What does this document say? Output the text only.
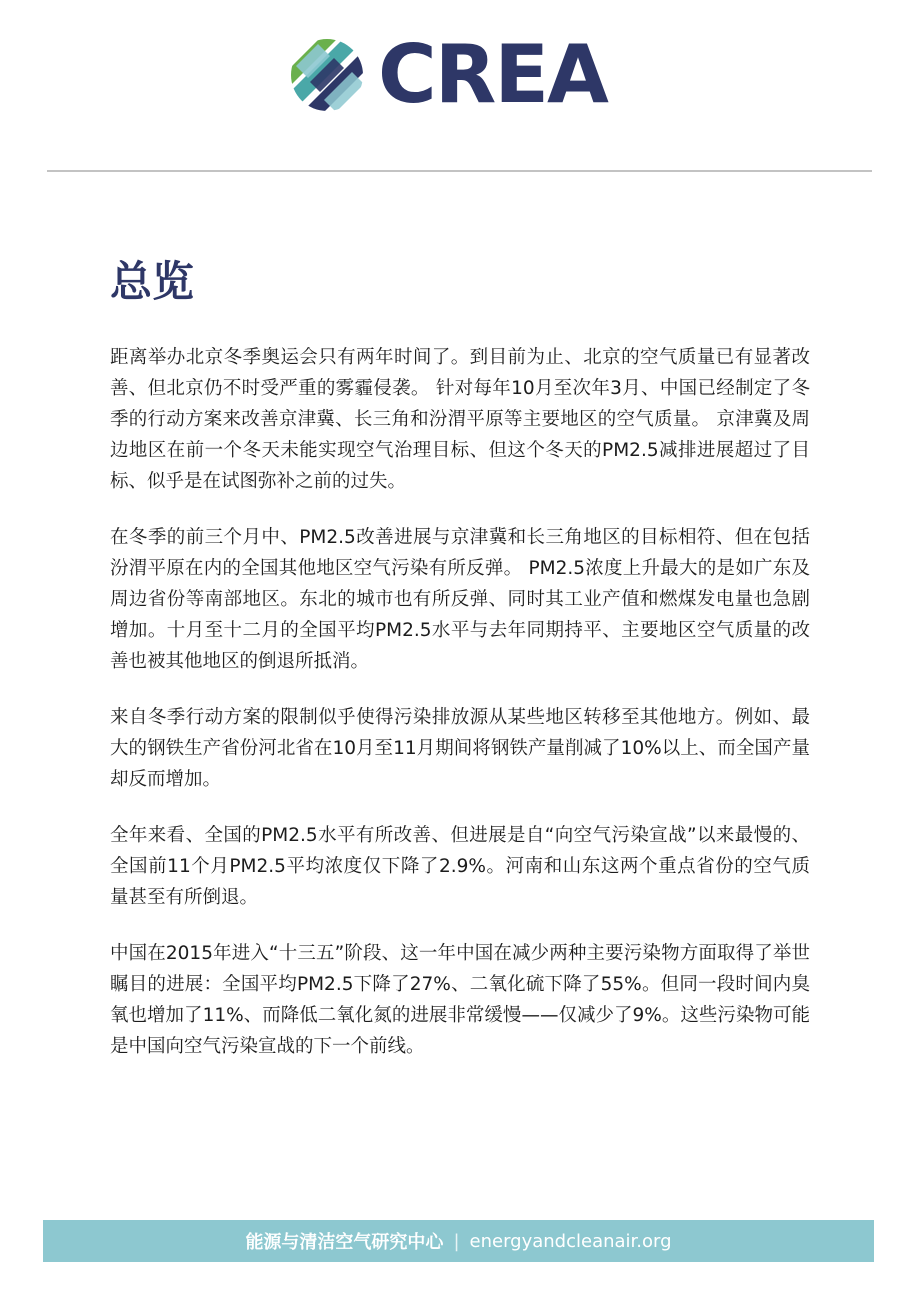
CREA
总览

距离举办北京冬季奥运会只有两年时间了。到目前为止、北京的空气质量已有显著改善、但北京仍不时受严重的雾霾侵袭。 针对每年10月至次年3月、中国已经制定了冬季的行动方案来改善京津冀、长三角和汾渭平原等主要地区的空气质量。 京津冀及周边地区在前一个冬天未能实现空气治理目标、但这个冬天的PM2.5减排进展超过了目标、似乎是在试图弥补之前的过失。

在冬季的前三个月中、PM2.5改善进展与京津冀和长三角地区的目标相符、但在包括汾渭平原在内的全国其他地区空气污染有所反弹。 PM2.5浓度上升最大的是如广东及周边省份等南部地区。东北的城市也有所反弹、同时其工业产值和燃煤发电量也急剧增加。十月至十二月的全国平均PM2.5水平与去年同期持平、主要地区空气质量的改善也被其他地区的倒退所抵消。

来自冬季行动方案的限制似乎使得污染排放源从某些地区转移至其他地方。例如、最大的钢铁生产省份河北省在10月至11月期间将钢铁产量削减了10%以上、而全国产量却反而增加。

全年来看、全国的PM2.5水平有所改善、但进展是自“向空气污染宣战”以来最慢的、全国前11个月PM2.5平均浓度仅下降了2.9%。河南和山东这两个重点省份的空气质量甚至有所倒退。

中国在2015年进入“十三五”阶段、这一年中国在减少两种主要污染物方面取得了举世瞩目的进展：全国平均PM2.5下降了27%、二氧化硫下降了55%。但同一段时间内臭氧也增加了11%、而降低二氧化氮的进展非常缓慢——仅减少了9%。这些污染物可能是中国向空气污染宣战的下一个前线。

能源与清洁空气研究中心 | energyandcleanair.org
